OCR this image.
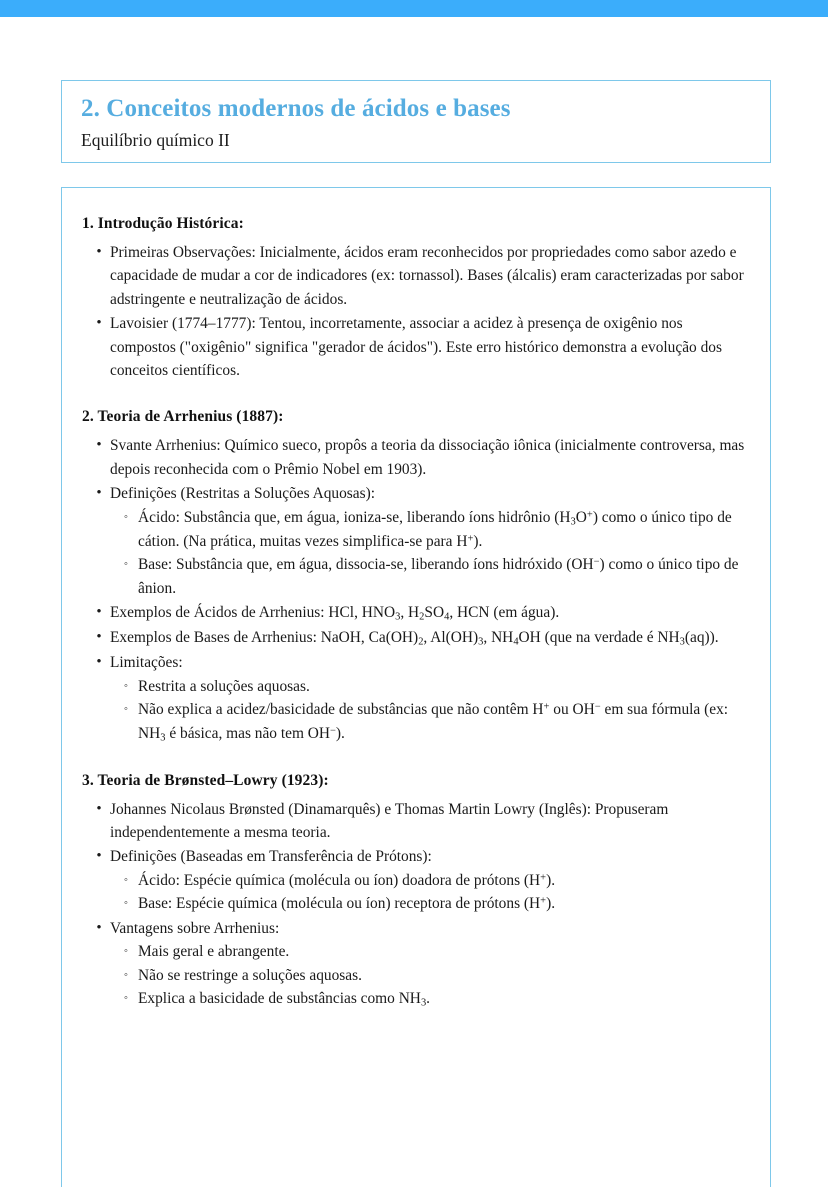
2. Conceitos modernos de ácidos e bases
Equilíbrio químico II
1. Introdução Histórica:
• Primeiras Observações: Inicialmente, ácidos eram reconhecidos por propriedades como sabor azedo e capacidade de mudar a cor de indicadores (ex: tornassol). Bases (álcalis) eram caracterizadas por sabor adstringente e neutralização de ácidos.
• Lavoisier (1774–1777): Tentou, incorretamente, associar a acidez à presença de oxigênio nos compostos ("oxigênio" significa "gerador de ácidos"). Este erro histórico demonstra a evolução dos conceitos científicos.
2. Teoria de Arrhenius (1887):
• Svante Arrhenius: Químico sueco, propôs a teoria da dissociação iônica (inicialmente controversa, mas depois reconhecida com o Prêmio Nobel em 1903).
• Definições (Restritas a Soluções Aquosas):
◦ Ácido: Substância que, em água, ioniza-se, liberando íons hidrônio $(H_3O^+)$ como o único tipo de cátion. (Na prática, muitas vezes simplifica-se para H+).
◦ Base: Substância que, em água, dissocia-se, liberando íons hidróxido (OH−) como o único tipo de ânion.
• Exemplos de Ácidos de Arrhenius: HCl, $HNO_3$, $H_2SO_4$, HCN (em água).
• Exemplos de Bases de Arrhenius: NaOH, $Ca(OH)_2$, $Al(OH)_3$, $NH_4OH$ (que na verdade é $NH_3(aq)$).
• Limitações:
◦ Restrita a soluções aquosas.
◦ Não explica a acidez/basicidade de substâncias que não contêm H+ ou OH− em sua fórmula (ex: $NH_3$ é básica, mas não tem OH−).
3. Teoria de Brønsted–Lowry (1923):
• Johannes Nicolaus Brønsted (Dinamarquês) e Thomas Martin Lowry (Inglês): Propuseram independentemente a mesma teoria.
• Definições (Baseadas em Transferência de Prótons):
◦ Ácido: Espécie química (molécula ou íon) doadora de prótons (H+).
◦ Base: Espécie química (molécula ou íon) receptora de prótons (H+).
• Vantagens sobre Arrhenius:
◦ Mais geral e abrangente.
◦ Não se restringe a soluções aquosas.
◦ Explica a basicidade de substâncias como $NH_3$.
